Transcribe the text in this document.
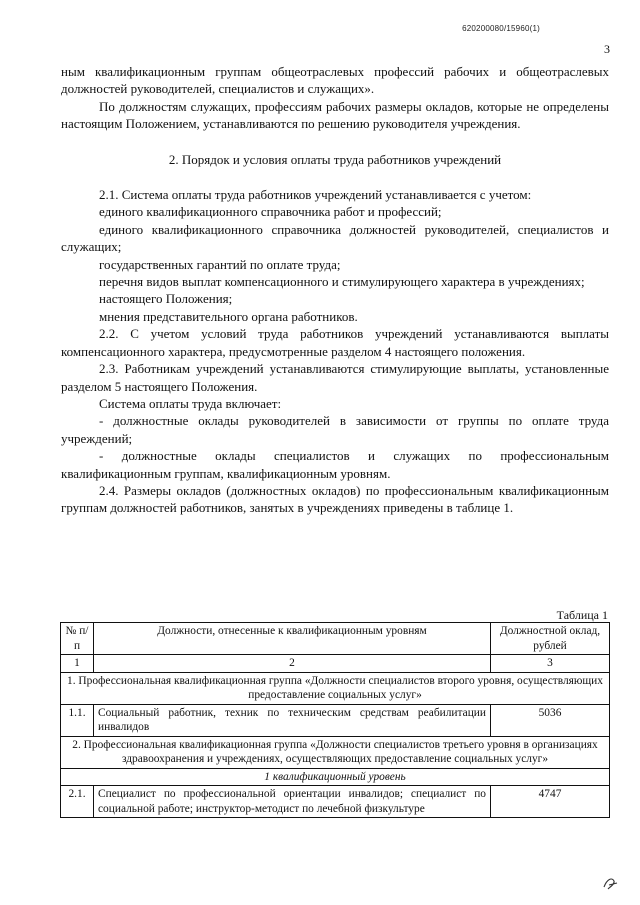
620200080/15960(1)
3

ным квалификационным группам общеотраслевых профессий рабочих и общеотраслевых должностей руководителей, специалистов и служащих».

По должностям служащих, профессиям рабочих размеры окладов, которые не определены настоящим Положением, устанавливаются по решению руководителя учреждения.

2. Порядок и условия оплаты труда работников учреждений

2.1. Система оплаты труда работников учреждений устанавливается с учетом:

единого квалификационного справочника работ и профессий;

единого квалификационного справочника должностей руководителей, специалистов и служащих;

государственных гарантий по оплате труда;

перечня видов выплат компенсационного и стимулирующего характера в учреждениях;

настоящего Положения;

мнения представительного органа работников.

2.2. С учетом условий труда работников учреждений устанавливаются выплаты компенсационного характера, предусмотренные разделом 4 настоящего положения.

2.3. Работникам учреждений устанавливаются стимулирующие выплаты, установленные разделом 5 настоящего Положения.

Система оплаты труда включает:

- должностные оклады руководителей в зависимости от группы по оплате труда учреждений;

- должностные оклады специалистов и служащих по профессиональным квалификационным группам, квалификационным уровням.

2.4. Размеры окладов (должностных окладов) по профессиональным квалификационным группам должностей работников, занятых в учреждениях приведены в таблице 1.

Таблица 1
№ п/п	Должности, отнесенные к квалификационным уровням	Должностной оклад, рублей
1	2	3
1. Профессиональная квалификационная группа «Должности специалистов второго уровня, осуществляющих предоставление социальных услуг»		
1.1.	Социальный работник, техник по техническим средствам реабилитации инвалидов	5036
2. Профессиональная квалификационная группа «Должности специалистов третьего уровня в организациях здравоохранения и учреждениях, осуществляющих предоставление социальных услуг»		
1 квалификационный уровень		
2.1.	Специалист по профессиональной ориентации инвалидов; специалист по социальной работе; инструктор-методист по лечебной физкультуре	4747
